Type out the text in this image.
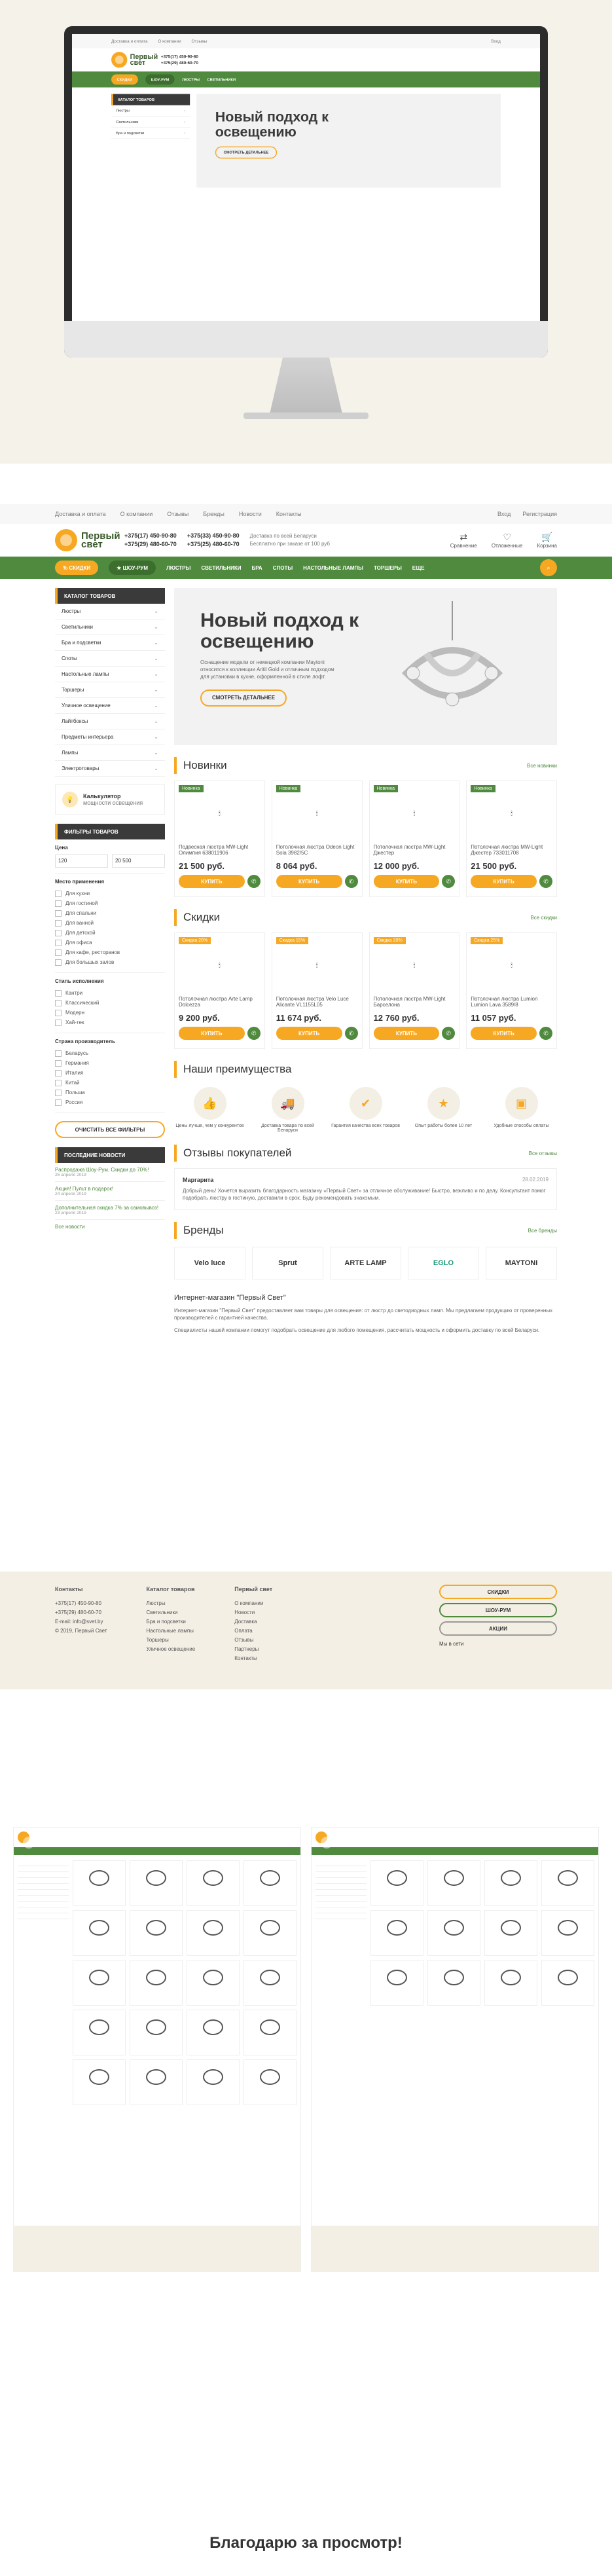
Доставка и оплата О компании Отзывы	Вход
Первый свет
+375(17) 450-90-80
+375(29) 480-60-70
СКИДКИ	ШОУ-РУМ	ЛЮСТРЫ СВЕТИЛЬНИКИ
КАТАЛОГ ТОВАРОВ
Люстры	›
Светильники	›
Бра и подсветки	›
Новый подход к освещению
СМОТРЕТЬ ДЕТАЛЬНЕЕ
Доставка и оплата О компании Отзывы Бренды Новости Контакты	Вход Регистрация
Первый свет
+375(17) 450-90-80
+375(29) 480-60-70
+375(33) 450-90-80
+375(25) 480-60-70
Доставка по всей Беларуси
Бесплатно при заказе от 100 руб
⇄
Сравнение
♡
Отложенные
🛒
Корзина
% СКИДКИ	★ ШОУ-РУМ	ЛЮСТРЫ СВЕТИЛЬНИКИ БРА СПОТЫ НАСТОЛЬНЫЕ ЛАМПЫ ТОРШЕРЫ ЕЩЕ	⌕
КАТАЛОГ ТОВАРОВ
Люстры	⌄
Светильники	⌄
Бра и подсветки	⌄
Споты	⌄
Настольные лампы	⌄
Торшеры	⌄
Уличное освещение	⌄
Лайтбоксы	⌄
Предметы интерьера	⌄
Лампы	⌄
Электротовары	⌄
💡	Калькулятор
мощности освещения
ФИЛЬТРЫ ТОВАРОВ
Цена
120	20 500
Место применения
Для кухни
Для гостиной
Для спальни
Для ванной
Для детской
Для офиса
Для кафе, ресторанов
Для большых залов
Стиль исполнения
Кантри
Классический
Модерн
Хай-тек
Страна производитель
Беларусь
Германия
Италия
Китай
Польша
Россия
ОЧИСТИТЬ ВСЕ ФИЛЬТРЫ
ПОСЛЕДНИЕ НОВОСТИ
Распродажа Шоу-Рум. Скидки до 70%!
25 апреля 2019
Акция! Пульт в подарок!
24 апреля 2019
Дополнительная скидка 7% за самовывоз!
23 апреля 2019
Все новости
Новый подход к освещению

Оснащение модели от немецкой компании Maytoni относится к коллекции Aritil Gold и отличным подходом для установки в кухне, оформленной в стиле лофт.

СМОТРЕТЬ ДЕТАЛЬНЕЕ
Новинки	Все новинки
Новинка
🕯
Подвесная люстра MW-Light Олимпия 638011906
21 500 руб.
КУПИТЬ	✆
Новинка
🕯
Потолочная люстра Odeon Light Sola 3982/5C
8 064 руб.
КУПИТЬ	✆
Новинка
🕯
Потолочная люстра MW-Light Джестер
12 000 руб.
КУПИТЬ	✆
Новинка
🕯
Потолочная люстра MW-Light Джестер 733011708
21 500 руб.
КУПИТЬ	✆
Скидки	Все скидки
Скидка 20%
🕯
Потолочная люстра Arte Lamp Dolcezza
9 200 руб.
КУПИТЬ	✆
Скидка 15%
🕯
Потолочная люстра Velo Luce Alicante VL1155L05
11 674 руб.
КУПИТЬ	✆
Скидка 20%
🕯
Потолочная люстра MW-Light Барселона
12 760 руб.
КУПИТЬ	✆
Скидка 25%
🕯
Потолочная люстра Lumion Lumion Lava 3589/8
11 057 руб.
КУПИТЬ	✆
Наши преимущества
👍
Цены лучше, чем у конкурентов
🚚
Доставка товара по всей Беларуси
✔
Гарантия качества всех товаров
★
Опыт работы более 10 лет
▣
Удобные способы оплаты
Отзывы покупателей	Все отзывы
Маргарита	28.02.2019

Добрый день! Хочется выразить благодарность магазину «Первый Свет» за отличное обслуживание! Быстро, вежливо и по делу. Консультант помог подобрать люстру в гостиную, доставили в срок. Буду рекомендовать знакомым.

Бренды	Все бренды
Velo luce	Sprut	ARTE LAMP	EGLO	MAYTONI
Интернет-магазин "Первый Свет"

Интернет-магазин "Первый Свет" предоставляет вам товары для освещения: от люстр до светодиодных ламп. Мы предлагаем продукцию от проверенных производителей с гарантией качества.

Специалисты нашей компании помогут подобрать освещение для любого помещения, рассчитать мощность и оформить доставку по всей Беларуси.

Контакты
+375(17) 450-90-80
+375(29) 480-60-70
E-mail: info@svet.by
© 2019, Первый Свет
Каталог товаров
Люстры
Светильники
Бра и подсветки
Настольные лампы
Торшеры
Уличное освещение
Первый свет
О компании
Новости
Доставка
Оплата
Отзывы
Партнеры
Контакты
СКИДКИ
ШОУ-РУМ
АКЦИИ
Мы в сети
Благодарю за просмотр!
